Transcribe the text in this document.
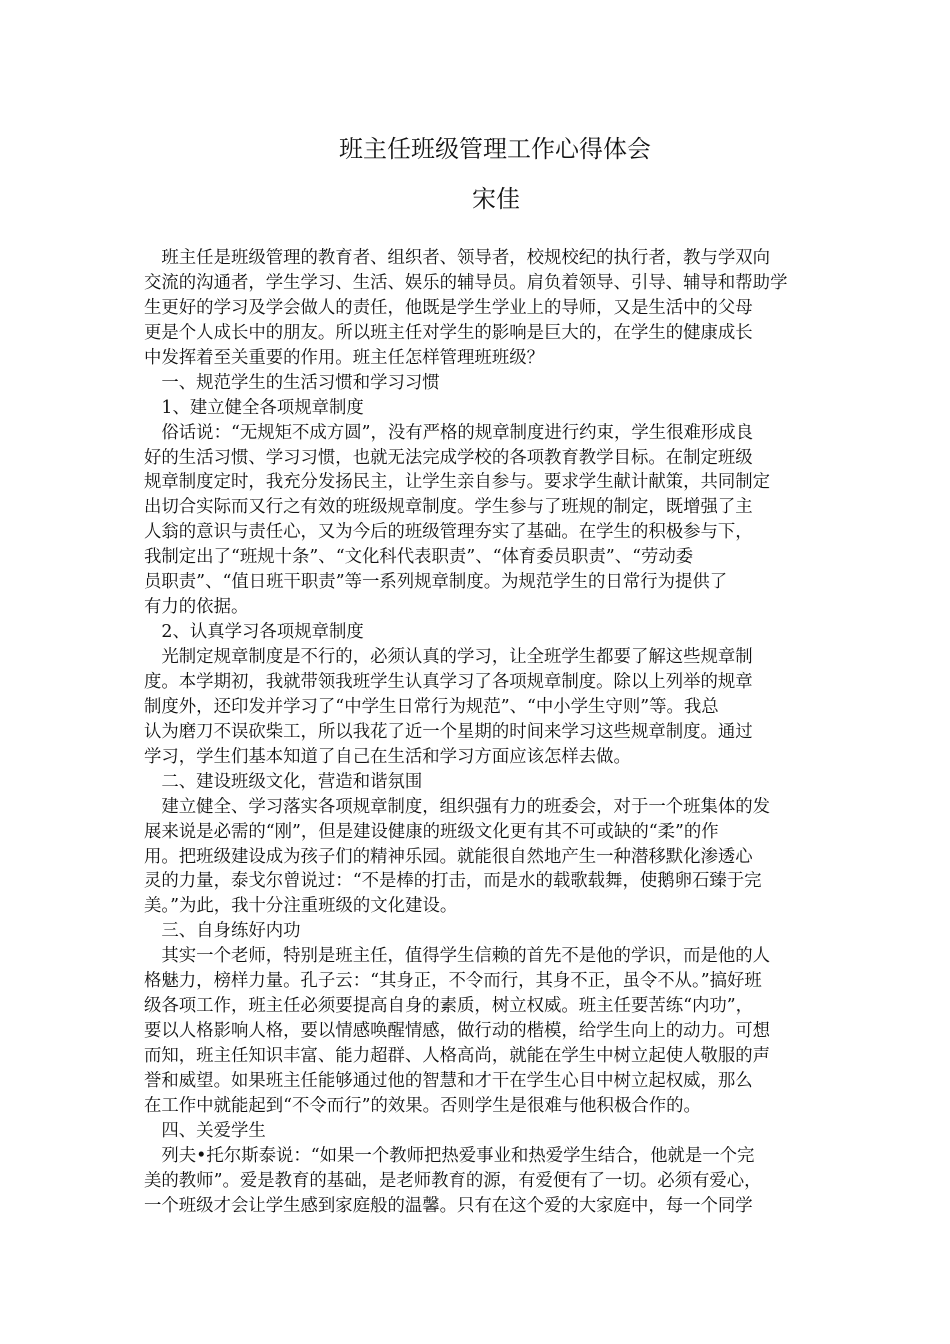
班主任班级管理工作心得体会
宋佳
　班主任是班级管理的教育者、组织者、领导者，校规校纪的执行者，教与学双向
交流的沟通者，学生学习、生活、娱乐的辅导员。肩负着领导、引导、辅导和帮助学
生更好的学习及学会做人的责任，他既是学生学业上的导师，又是生活中的父母
更是个人成长中的朋友。所以班主任对学生的影响是巨大的，在学生的健康成长
中发挥着至关重要的作用。班主任怎样管理班班级？
　一、规范学生的生活习惯和学习习惯
　1、建立健全各项规章制度
　俗话说：“无规矩不成方圆”，没有严格的规章制度进行约束，学生很难形成良
好的生活习惯、学习习惯，也就无法完成学校的各项教育教学目标。在制定班级
规章制度定时，我充分发扬民主，让学生亲自参与。要求学生献计献策，共同制定
出切合实际而又行之有效的班级规章制度。学生参与了班规的制定，既增强了主
人翁的意识与责任心，又为今后的班级管理夯实了基础。在学生的积极参与下，
我制定出了“班规十条”、“文化科代表职责”、“体育委员职责”、“劳动委
员职责”、“值日班干职责”等一系列规章制度。为规范学生的日常行为提供了
有力的依据。
　2、认真学习各项规章制度
　光制定规章制度是不行的，必须认真的学习，让全班学生都要了解这些规章制
度。本学期初，我就带领我班学生认真学习了各项规章制度。除以上列举的规章
制度外，还印发并学习了“中学生日常行为规范”、“中小学生守则”等。我总
认为磨刀不误砍柴工，所以我花了近一个星期的时间来学习这些规章制度。通过
学习，学生们基本知道了自己在生活和学习方面应该怎样去做。
　二、建设班级文化，营造和谐氛围
　建立健全、学习落实各项规章制度，组织强有力的班委会，对于一个班集体的发
展来说是必需的“刚”，但是建设健康的班级文化更有其不可或缺的“柔”的作
用。把班级建设成为孩子们的精神乐园。就能很自然地产生一种潜移默化渗透心
灵的力量，泰戈尔曾说过：“不是棒的打击，而是水的载歌载舞，使鹅卵石臻于完
美。”为此，我十分注重班级的文化建设。
　三、自身练好内功
　其实一个老师，特别是班主任，值得学生信赖的首先不是他的学识，而是他的人
格魅力，榜样力量。孔子云：“其身正，不令而行，其身不正，虽令不从。”搞好班
级各项工作，班主任必须要提高自身的素质，树立权威。班主任要苦练“内功”，
要以人格影响人格，要以情感唤醒情感，做行动的楷模，给学生向上的动力。可想
而知，班主任知识丰富、能力超群、人格高尚，就能在学生中树立起使人敬服的声
誉和威望。如果班主任能够通过他的智慧和才干在学生心目中树立起权威，那么
在工作中就能起到“不令而行”的效果。否则学生是很难与他积极合作的。
　四、关爱学生
　列夫•托尔斯泰说：“如果一个教师把热爱事业和热爱学生结合，他就是一个完
美的教师”。爱是教育的基础，是老师教育的源，有爱便有了一切。必须有爱心，
一个班级才会让学生感到家庭般的温馨。只有在这个爱的大家庭中，每一个同学
